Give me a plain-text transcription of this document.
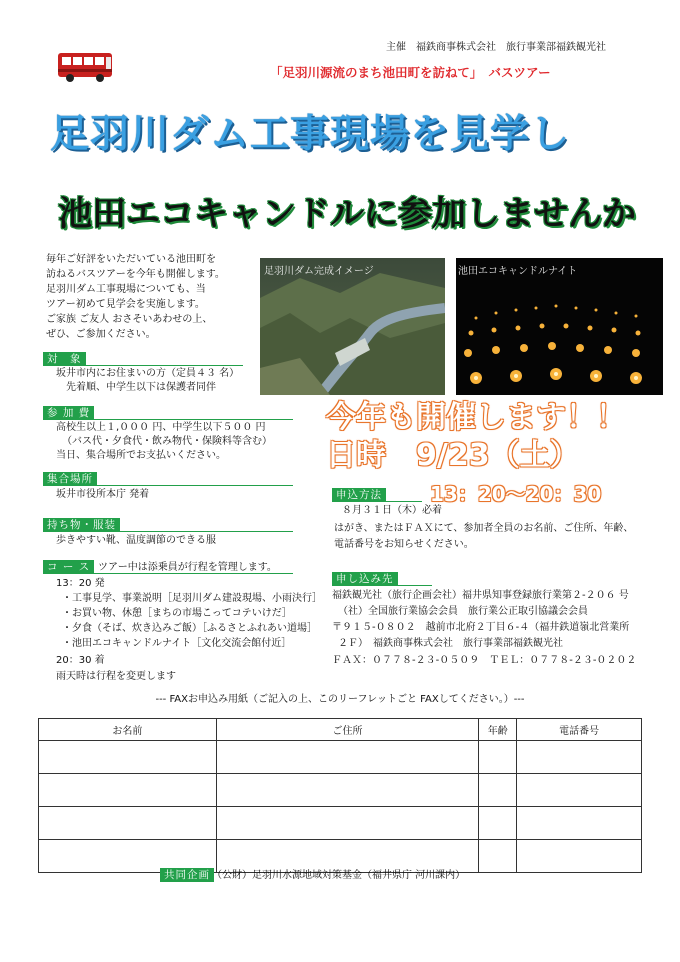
主催　福鉄商事株式会社　旅行事業部福鉄観光社
「足羽川源流のまち池田町を訪ねて」　バスツアー
足羽川ダム工事現場を見学し
池田エコキャンドルに参加しませんか
毎年ご好評をいただいている池田町を
訪ねるバスツアーを今年も開催します。
足羽川ダム工事現場についても、当
ツアー初めて見学会を実施します。
ご家族 ご友人 おさそいあわせの上、
ぜひ、ご参加ください。
足羽川ダム完成イメージ	池田エコキャンドルナイト
対　象
坂井市内にお住まいの方（定員４３ 名）
先着順、中学生以下は保護者同伴
参 加 費
高校生以上１,０００ 円、中学生以下５００ 円
（バス代・夕食代・飲み物代・保険料等含む）
当日、集合場所でお支払いください。
集合場所
坂井市役所本庁 発着
持ち物・服装
歩きやすい靴、温度調節のできる服
今年も開催します！！
日時　9/23（土）
13：20～20：30
申込方法
８月３１日（木）必着
はがき、またはＦＡＸにて、参加者全員のお名前、ご住所、年齢、
電話番号をお知らせください。
コ ー ス ツアー中は添乗員が行程を管理します。
13：20 発
・工事見学、事業説明［足羽川ダム建設現場、小雨決行］
・お買い物、休憩［まちの市場こってコテいけだ］
・夕食（そば、炊き込みご飯）［ふるさとふれあい道場］
・池田エコキャンドルナイト［文化交流会館付近］
20：30 着
雨天時は行程を変更します
申し込み先
福鉄観光社（旅行企画会社）福井県知事登録旅行業第２-２０６ 号
（社）全国旅行業協会会員　旅行業公正取引協議会会員
〒９１５-０８０２　越前市北府２丁目６-４（福井鉄道嶺北営業所
２Ｆ）　福鉄商事株式会社　旅行事業部福鉄観光社
ＦＡＸ：０７７８-２３-０５０９　ＴＥＬ：０７７８-２３-０２０２
--- FAXお申込み用紙（ご記入の上、このリーフレットごと FAXしてください。）---
お名前	ご住所	年齢	電話番号

共同企画 （公財）足羽川水源地域対策基金（福井県庁 河川課内）
